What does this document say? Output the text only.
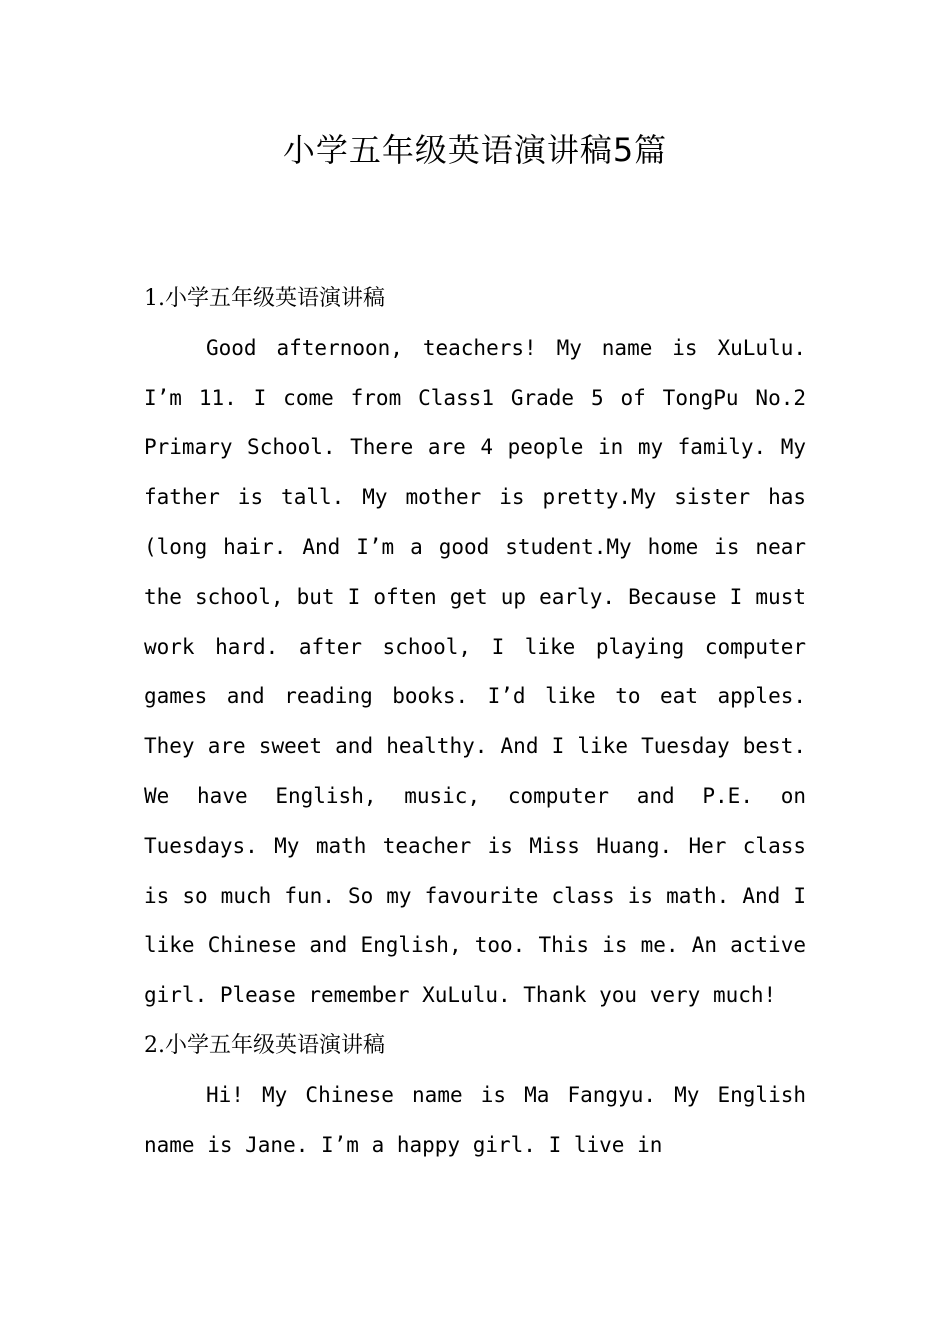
小学五年级英语演讲稿5篇
1.小学五年级英语演讲稿

Good afternoon, teachers! My name is XuLulu. I’m 11. I come from Class1 Grade 5 of TongPu No.2 Primary School. There are 4 people in my family. My father is tall. My mother is pretty.My sister has (long hair. And I’m a good student.My home is near the school, but I often get up early. Because I must work hard. after school, I like playing computer games and reading books. I’d like to eat apples. They are sweet and healthy. And I like Tuesday best. We have English, music, computer and P.E. on Tuesdays. My math teacher is Miss Huang. Her class is so much fun. So my favourite class is math. And I like Chinese and English, too. This is me. An active girl. Please remember XuLulu. Thank you very much!

2.小学五年级英语演讲稿

Hi! My Chinese name is Ma Fangyu. My English name is Jane. I’m a happy girl. I live in
